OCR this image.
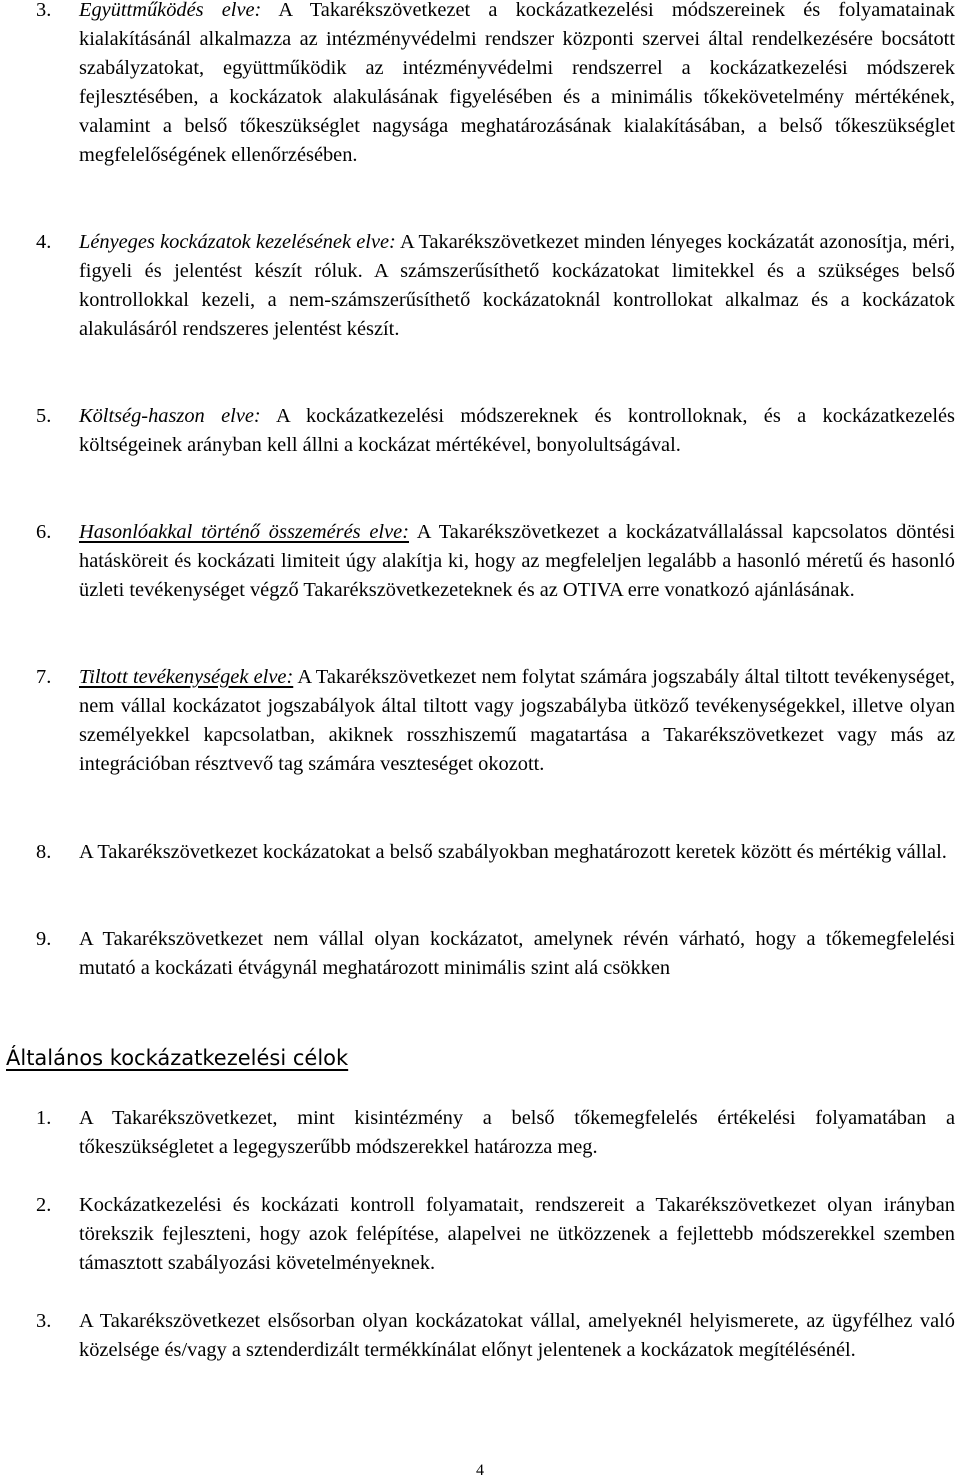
3. Együttműködés elve: A Takarékszövetkezet a kockázatkezelési módszereinek és folyamatainak kialakításánál alkalmazza az intézményvédelmi rendszer központi szervei által rendelkezésére bocsátott szabályzatokat, együttműködik az intézményvédelmi rendszerrel a kockázatkezelési módszerek fejlesztésében, a kockázatok alakulásának figyelésében és a minimális tőkekövetelmény mértékének, valamint a belső tőkeszükséglet nagysága meghatározásának kialakításában, a belső tőkeszükséglet megfelelőségének ellenőrzésében.

4. Lényeges kockázatok kezelésének elve: A Takarékszövetkezet minden lényeges kockázatát azonosítja, méri, figyeli és jelentést készít róluk. A számszerűsíthető kockázatokat limitekkel és a szükséges belső kontrollokkal kezeli, a nem-számszerűsíthető kockázatoknál kontrollokat alkalmaz és a kockázatok alakulásáról rendszeres jelentést készít.

5. Költség-haszon elve: A kockázatkezelési módszereknek és kontrolloknak, és a kockázatkezelés költségeinek arányban kell állni a kockázat mértékével, bonyolultságával.

6. Hasonlóakkal történő összemérés elve: A Takarékszövetkezet a kockázatvállalással kapcsolatos döntési hatásköreit és kockázati limiteit úgy alakítja ki, hogy az megfeleljen legalább a hasonló méretű és hasonló üzleti tevékenységet végző Takarékszövetkezeteknek és az OTIVA erre vonatkozó ajánlásának.

7. Tiltott tevékenységek elve: A Takarékszövetkezet nem folytat számára jogszabály által tiltott tevékenységet, nem vállal kockázatot jogszabályok által tiltott vagy jogszabályba ütköző tevékenységekkel, illetve olyan személyekkel kapcsolatban, akiknek rosszhiszemű magatartása a Takarékszövetkezet vagy más az integrációban résztvevő tag számára veszteséget okozott.

8. A Takarékszövetkezet kockázatokat a belső szabályokban meghatározott keretek között és mértékig vállal.

9. A Takarékszövetkezet nem vállal olyan kockázatot, amelynek révén várható, hogy a tőkemegfelelési mutató a kockázati étvágynál meghatározott minimális szint alá csökken

Általános kockázatkezelési célok
1. A Takarékszövetkezet, mint kisintézmény a belső tőkemegfelelés értékelési folyamatában a tőkeszükségletet a legegyszerűbb módszerekkel határozza meg.

2. Kockázatkezelési és kockázati kontroll folyamatait, rendszereit a Takarékszövetkezet olyan irányban törekszik fejleszteni, hogy azok felépítése, alapelvei ne ütközzenek a fejlettebb módszerekkel szemben támasztott szabályozási követelményeknek.

3. A Takarékszövetkezet elsősorban olyan kockázatokat vállal, amelyeknél helyismerete, az ügyfélhez való közelsége és/vagy a sztenderdizált termékkínálat előnyt jelentenek a kockázatok megítélésénél.

4
